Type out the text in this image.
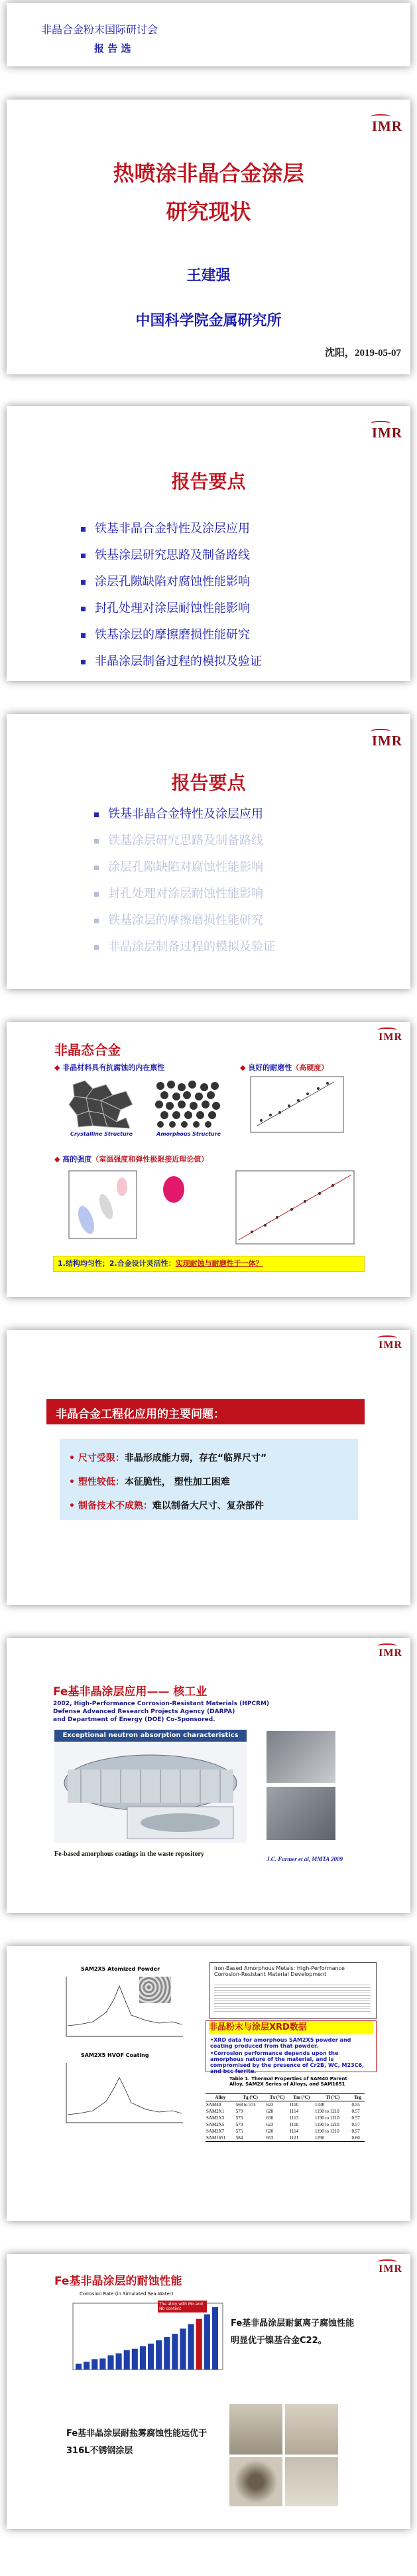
非晶合金粉末国际研讨会
报 告 选
IMR
热喷涂非晶合金涂层
研究现状
王建强
中国科学院金属研究所
沈阳，2019-05-07
IMR
报告要点
铁基非晶合金特性及涂层应用
铁基涂层研究思路及制备路线
涂层孔隙缺陷对腐蚀性能影响
封孔处理对涂层耐蚀性能影响
铁基涂层的摩擦磨损性能研究
非晶涂层制备过程的模拟及验证
IMR
报告要点
铁基非晶合金特性及涂层应用
铁基涂层研究思路及制备路线
涂层孔隙缺陷对腐蚀性能影响
封孔处理对涂层耐蚀性能影响
铁基涂层的摩擦磨损性能研究
非晶涂层制备过程的模拟及验证
IMR
非晶态合金
◆ 非晶材料具有抗腐蚀的内在禀性	◆ 良好的耐磨性（高硬度）
Crystalline Structure	Amorphous Structure
◆ 高的强度（室温强度和弹性极限接近理论值）
1.结构均匀性；2.合金设计灵活性：实现耐蚀与耐磨性于一体？
IMR
非晶合金工程化应用的主要问题：
• 尺寸受限：非晶形成能力弱，存在“临界尺寸”
• 塑性较低：本征脆性， 塑性加工困难
• 制备技术不成熟：难以制备大尺寸、复杂部件
IMR
Fe基非晶涂层应用—— 核工业
2002, High-Performance Corrosion-Resistant Materials (HPCRM)
Defense Advanced Research Projects Agency (DARPA)
and Department of Energy (DOE) Co-Sponsored.
Exceptional neutron absorption characteristics
Fe-based amorphous coatings in the waste repository
J.C. Farmer et al, MMTA 2009
SAM2X5 Atomized Powder
SAM2X5 HVOF Coating
Iron-Based Amorphous Metals: High-Performance Corrosion-Resistant Material Development
非晶粉末与涂层XRD数据
•XRD data for amorphous SAM2X5 powder and coating produced from that powder.
•Corrosion performance depends upon the amorphous nature of the material, and is compromised by the presence of Cr2B, WC, M23C6, and bcc ferrite.
Table 1. Thermal Properties of SAM40 Parent Alloy, SAM2X Series of Alloys, and SAM1651
Alloy	Tg (°C)	Tx (°C)	Tm (°C)	Tl (°C)	Trg
SAM40	568 to 574	623	1110	1338	0.55
SAM2X1	579	628	1114	1190 to 1210	0.57
SAM2X3	573	630	1113	1190 to 1210	0.57
SAM2X5	579	623	1118	1190 to 1210	0.57
SAM2X7	575	620	1114	1190 to 1210	0.57
SAM1651	584	653	1121	1290	0.60
IMR
Fe基非晶涂层的耐蚀性能
Corrosion Rate (in Simulated Sea Water)
The alloy with Mo and Nb content
Fe基非晶涂层耐氯离子腐蚀性能明显优于镍基合金C22。
Fe基非晶涂层耐盐雾腐蚀性能远优于316L不锈钢涂层
